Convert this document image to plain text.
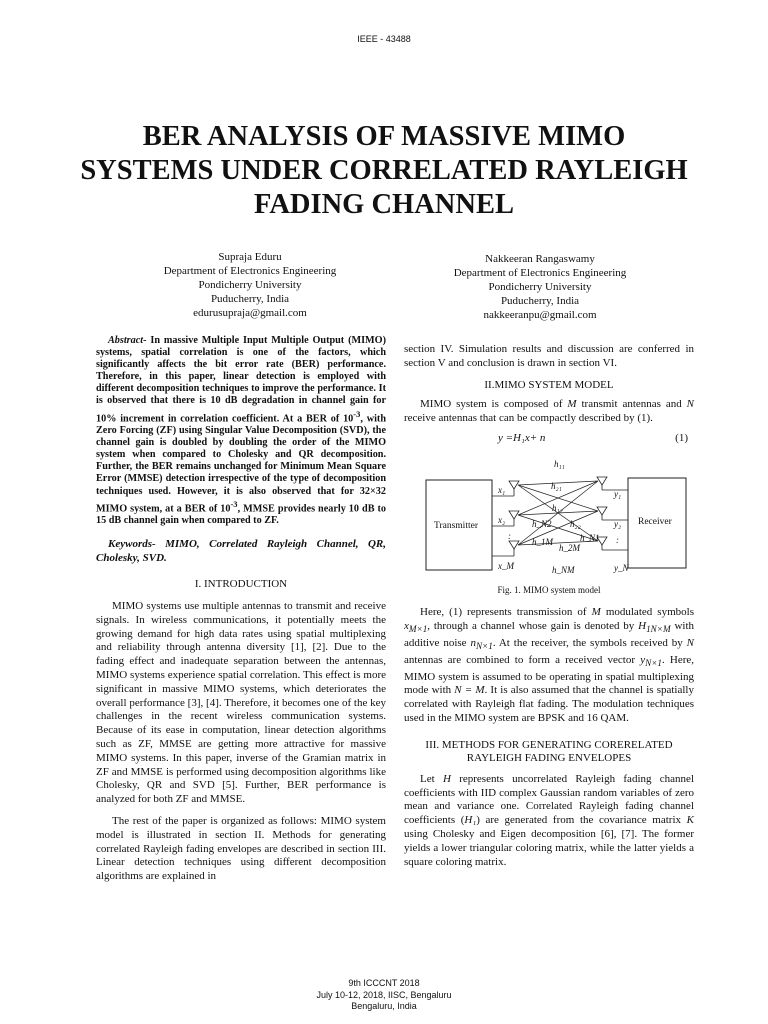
IEEE - 43488
BER ANALYSIS OF MASSIVE MIMO SYSTEMS UNDER CORRELATED RAYLEIGH FADING CHANNEL
Supraja Eduru
Department of Electronics Engineering
Pondicherry University
Puducherry, India
edurusupraja@gmail.com
Nakkeeran Rangaswamy
Department of Electronics Engineering
Pondicherry University
Puducherry, India
nakkeeranpu@gmail.com

Abstract- In massive Multiple Input Multiple Output (MIMO) systems, spatial correlation is one of the factors, which significantly affects the bit error rate (BER) performance. Therefore, in this paper, linear detection is employed with different decomposition techniques to improve the performance. It is observed that there is 10 dB degradation in channel gain for 10% increment in correlation coefficient. At a BER of $10^{-3}$, with Zero Forcing (ZF) using Singular Value Decomposition (SVD), the channel gain is doubled by doubling the order of the MIMO system when compared to Cholesky and QR decomposition. Further, the BER remains unchanged for Minimum Mean Square Error (MMSE) detection irrespective of the type of decomposition techniques used. However, it is also observed that for 32×32 MIMO system, at a BER of $10^{-3}$, MMSE provides nearly 10 dB to 15 dB channel gain when compared to ZF.

Keywords- MIMO, Correlated Rayleigh Channel, QR, Cholesky, SVD.

I. INTRODUCTION

MIMO systems use multiple antennas to transmit and receive signals. In wireless communications, it potentially meets the growing demand for high data rates using spatial multiplexing and reliability through antenna diversity [1], [2]. Due to the fading effect and inadequate separation between the antennas, MIMO systems experience spatial correlation. This effect is more significant in massive MIMO systems, which deteriorates the overall performance [3], [4]. Therefore, it becomes one of the key challenges in the recent wireless communication systems. Because of its ease in computation, linear detection algorithms such as ZF, MMSE are getting more attractive for massive MIMO systems. In this paper, inverse of the Gramian matrix in ZF and MMSE is performed using decomposition algorithms like Cholesky, QR and SVD [5]. Further, BER performance is analyzed for both ZF and MMSE.

The rest of the paper is organized as follows: MIMO system model is illustrated in section II. Methods for generating correlated Rayleigh fading envelopes are described in section III. Linear detection techniques using different decomposition algorithms are explained in

section IV. Simulation results and discussion are conferred in section V and conclusion is drawn in section VI.

II.MIMO SYSTEM MODEL

MIMO system is composed of M transmit antennas and N receive antennas that can be compactly described by (1).

y =H₁x+ n	(1)
Transmitter	Receiver
x₁
x₂
x_M
:
y₁
y₂
y_N
:
h₁₁
h₂₁
h₁₂
h_N2 h₂₂
h_N1
h_1M
h_2M
h_NM
Fig. 1. MIMO system model

Here, (1) represents transmission of M modulated symbols $x_{M\times 1}$, through a channel whose gain is denoted by $H_{1N\times M}$ with additive noise $n_{N\times 1}$. At the receiver, the symbols received by N antennas are combined to form a received vector $y_{N\times 1}$. Here, MIMO system is assumed to be operating in spatial multiplexing mode with N = M. It is also assumed that the channel is spatially correlated with Rayleigh flat fading. The modulation techniques used in the MIMO system are BPSK and 16 QAM.

III. METHODS FOR GENERATING CORERELATED
RAYLEIGH FADING ENVELOPES

Let H represents uncorrelated Rayleigh fading channel coefficients with IID complex Gaussian random variables of zero mean and variance one. Correlated Rayleigh fading channel coefficients (H₁) are generated from the covariance matrix K using Cholesky and Eigen decomposition [6], [7]. The former yields a lower triangular coloring matrix, while the latter yields a square coloring matrix.

9th ICCCNT 2018
July 10-12, 2018, IISC, Bengaluru
Bengaluru, India
